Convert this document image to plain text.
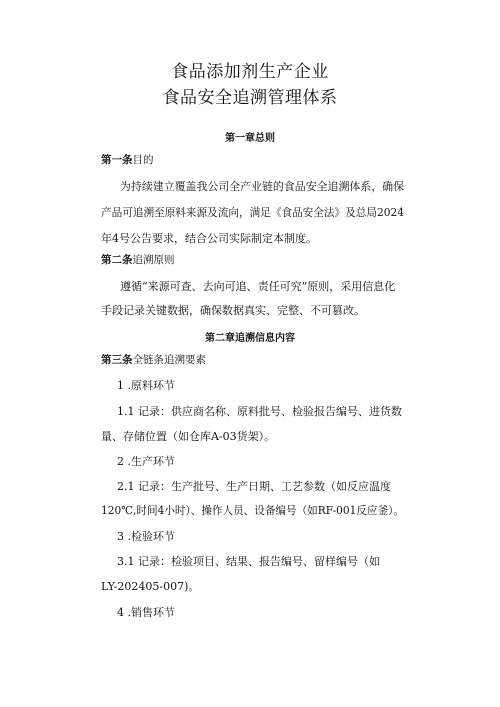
食品添加剂生产企业
食品安全追溯管理体系
第一章总则
第一条目的
为持续建立覆盖我公司全产业链的食品安全追溯体系，确保
产品可追溯至原料来源及流向，满足《食品安全法》及总局2024
年4号公告要求，结合公司实际制定本制度。
第二条追溯原则
遵循“来源可查、去向可追、责任可究”原则，采用信息化
手段记录关键数据，确保数据真实、完整、不可篡改。
第二章追溯信息内容
第三条全链条追溯要素
1 .原料环节
1.1 记录：供应商名称、原料批号、检验报告编号、进货数
量、存储位置（如仓库A-03货架）。
2 .生产环节
2.1 记录：生产批号、生产日期、工艺参数（如反应温度
120℃,时间4小时）、操作人员、设备编号（如RF-001反应釜）。
3 .检验环节
3.1 记录：检验项目、结果、报告编号、留样编号（如
LY-202405-007)。
4 .销售环节
